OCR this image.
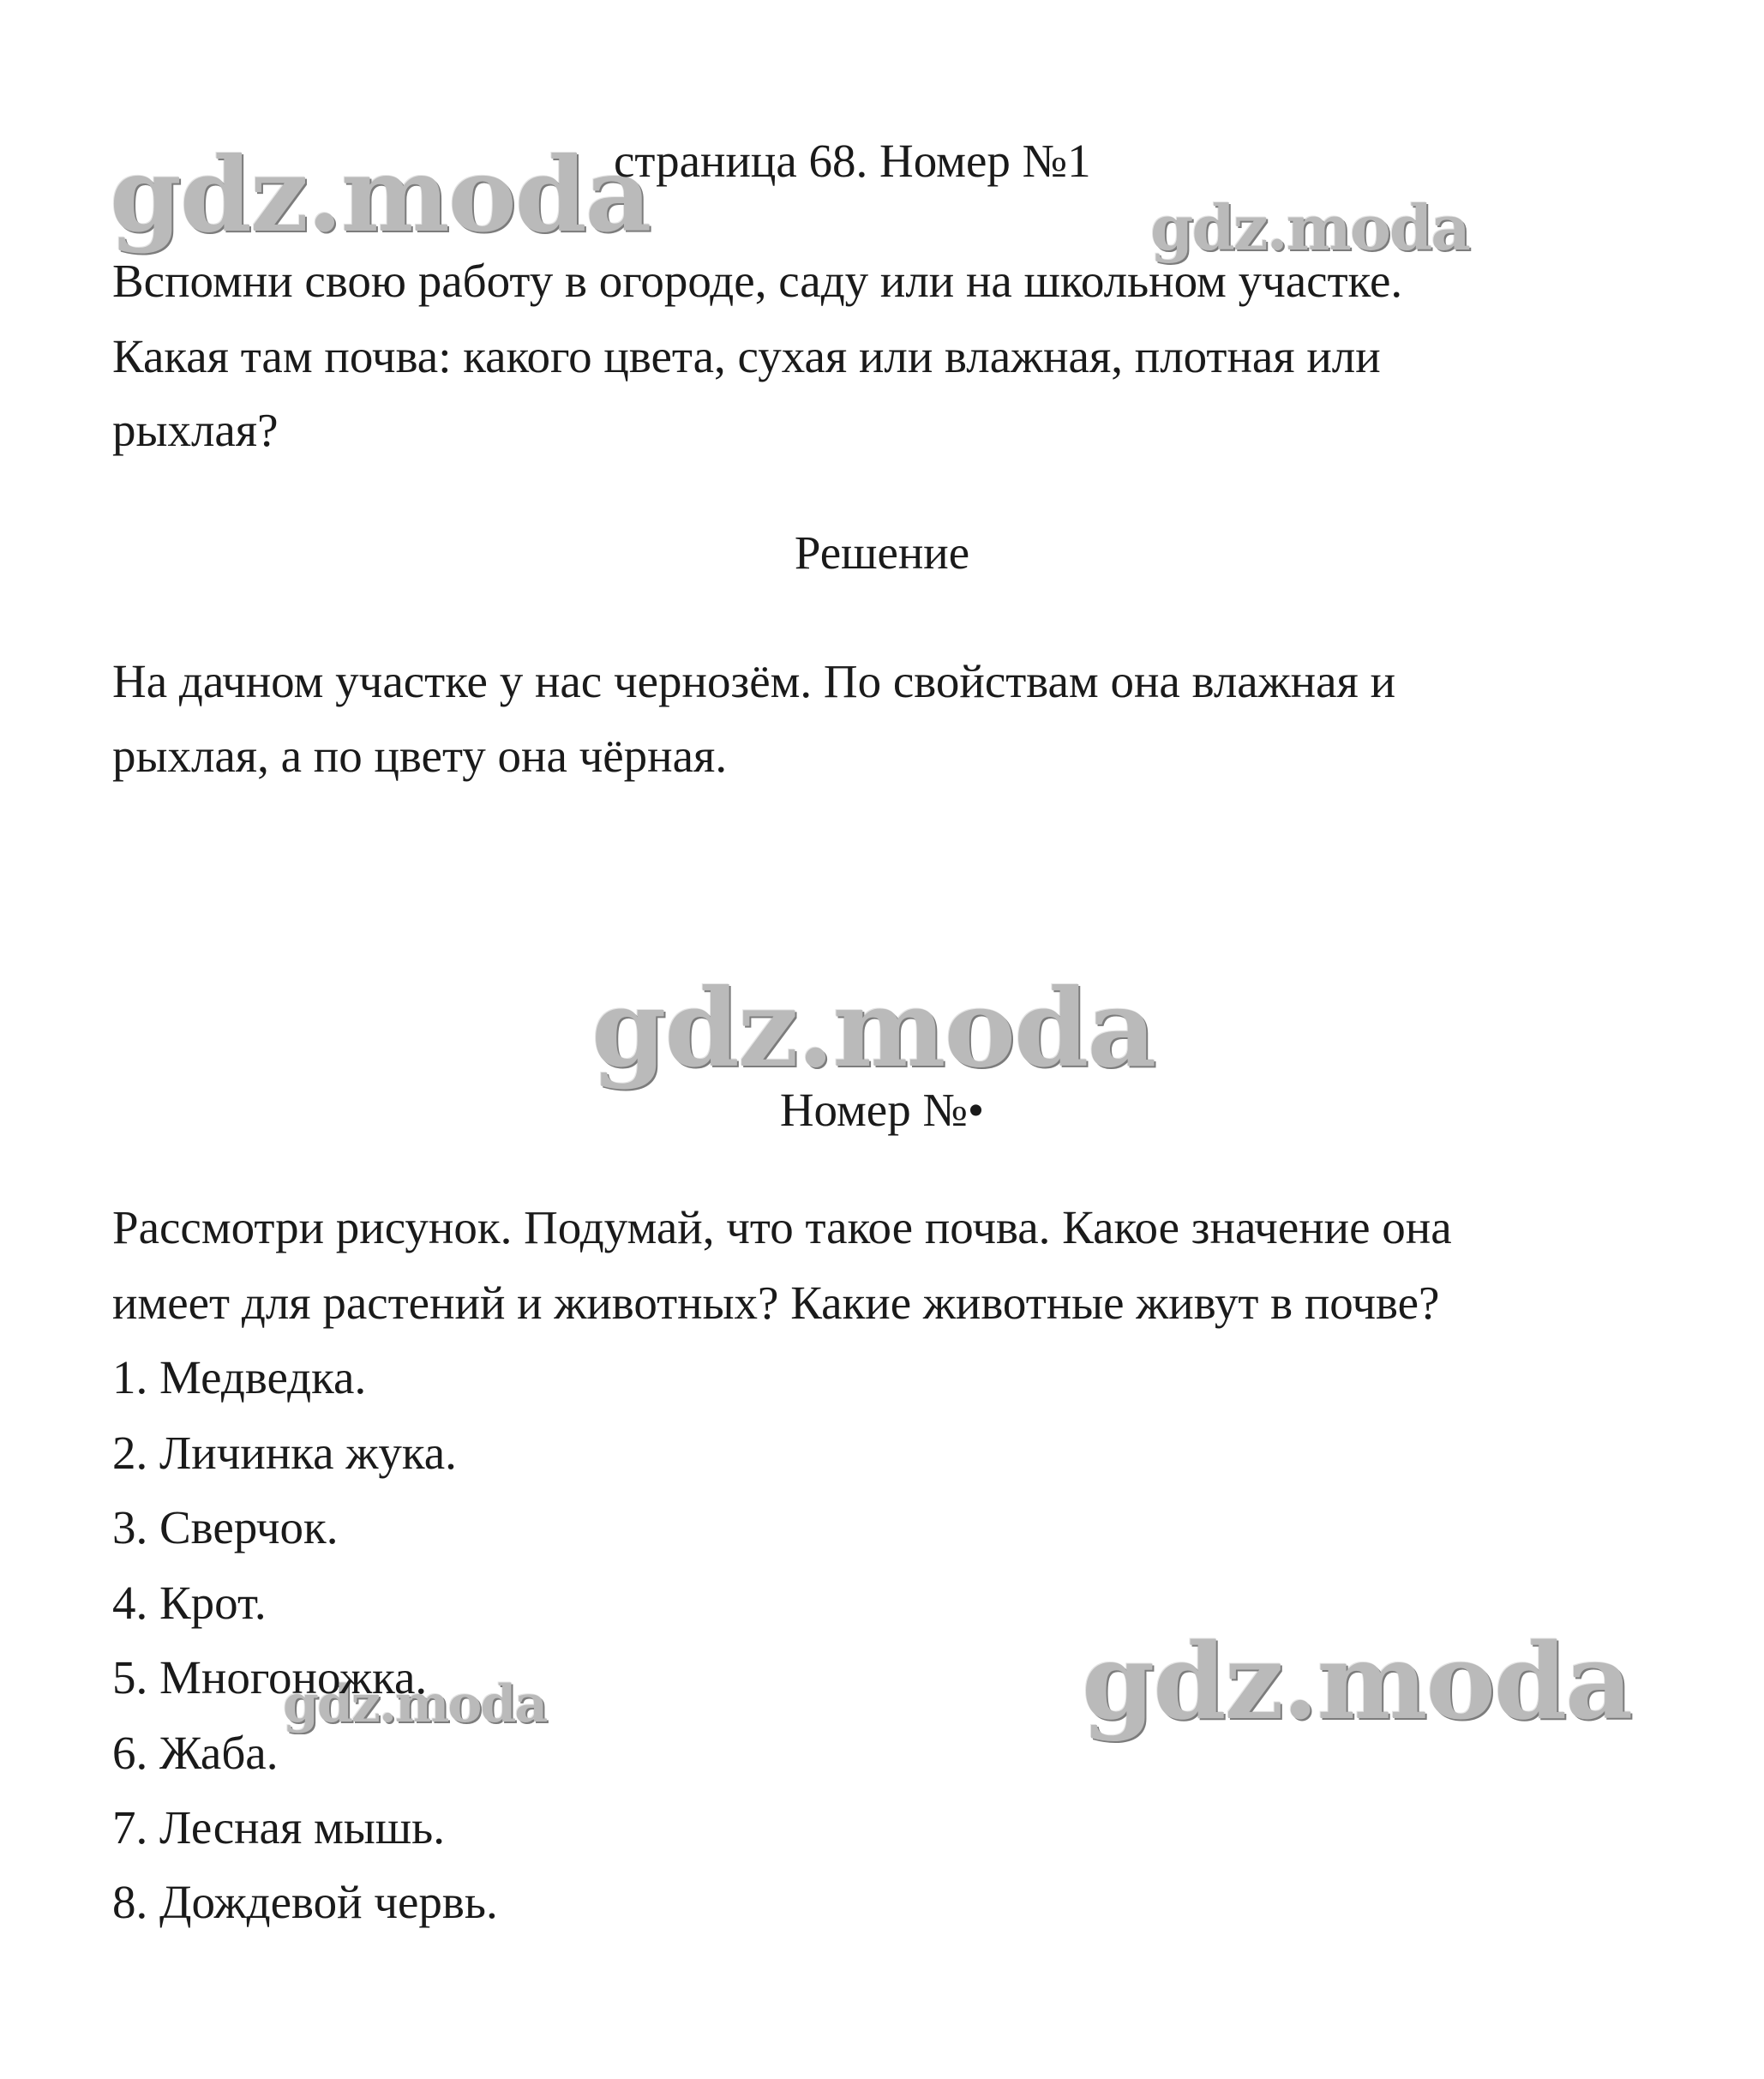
gdz.moda	gdz.moda
gdz.moda
gdz.moda
gdz.moda
страница 68. Номер №1
Вспомни свою работу в огороде, саду или на школьном участке.
Какая там почва: какого цвета, сухая или влажная, плотная или
рыхлая?
Решение
На дачном участке у нас чернозём. По свойствам она влажная и
рыхлая, а по цвету она чёрная.
Номер №•
Рассмотри рисунок. Подумай, что такое почва. Какое значение она
имеет для растений и животных? Какие животные живут в почве?
1. Медведка.
2. Личинка жука.
3. Сверчок.
4. Крот.
5. Многоножка.
6. Жаба.
7. Лесная мышь.
8. Дождевой червь.
